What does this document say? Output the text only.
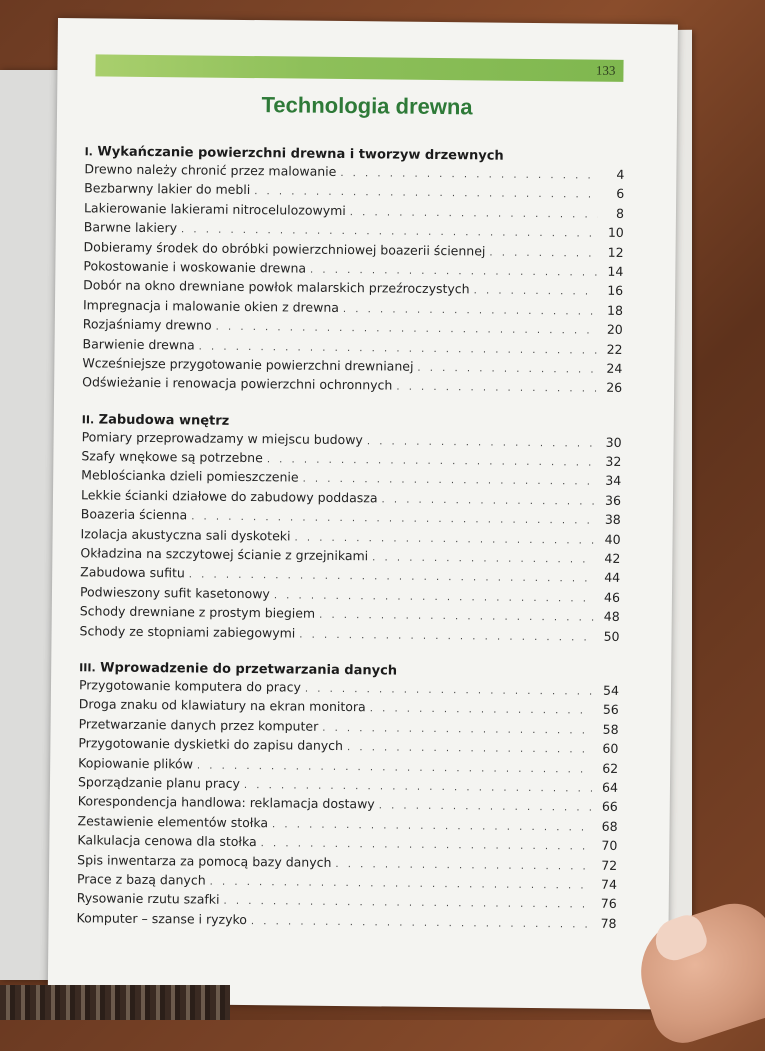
133
Technologia drewna
I. Wykańczanie powierzchni drewna i tworzyw drzewnych
Drewno należy chronić przez malowanie . . .	4
Bezbarwny lakier do mebli . . .	6
Lakierowanie lakierami nitrocelulozowymi . . .	8
Barwne lakiery . . .	10
Dobieramy środek do obróbki powierzchniowej boazerii ściennej . . .	12
Pokostowanie i woskowanie drewna . . .	14
Dobór na okno drewniane powłok malarskich przeźroczystych . . .	16
Impregnacja i malowanie okien z drewna . . .	18
Rozjaśniamy drewno . . .	20
Barwienie drewna . . .	22
Wcześniejsze przygotowanie powierzchni drewnianej . . .	24
Odświeżanie i renowacja powierzchni ochronnych . . .	26
II. Zabudowa wnętrz
Pomiary przeprowadzamy w miejscu budowy . . .	30
Szafy wnękowe są potrzebne . . .	32
Meblościanka dzieli pomieszczenie . . .	34
Lekkie ścianki działowe do zabudowy poddasza . . .	36
Boazeria ścienna . . .	38
Izolacja akustyczna sali dyskoteki . . .	40
Okładzina na szczytowej ścianie z grzejnikami . . .	42
Zabudowa sufitu . . .	44
Podwieszony sufit kasetonowy . . .	46
Schody drewniane z prostym biegiem . . .	48
Schody ze stopniami zabiegowymi . . .	50
III. Wprowadzenie do przetwarzania danych
Przygotowanie komputera do pracy . . .	54
Droga znaku od klawiatury na ekran monitora . . .	56
Przetwarzanie danych przez komputer . . .	58
Przygotowanie dyskietki do zapisu danych . . .	60
Kopiowanie plików . . .	62
Sporządzanie planu pracy . . .	64
Korespondencja handlowa: reklamacja dostawy . . .	66
Zestawienie elementów stołka . . .	68
Kalkulacja cenowa dla stołka . . .	70
Spis inwentarza za pomocą bazy danych . . .	72
Prace z bazą danych . . .	74
Rysowanie rzutu szafki . . .	76
Komputer – szanse i ryzyko . . .	78
